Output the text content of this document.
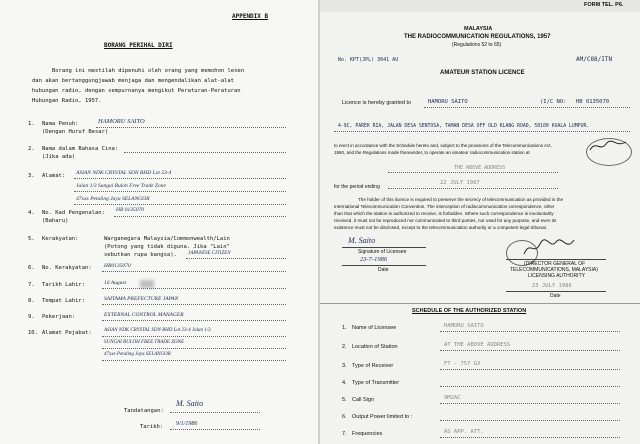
APPENDIX B
BORANG PERIHAL DIRI
Borang ini mestilah dipenuhi oleh orang yang memohon lesen
dan akan bertanggungjawab menjaga dan mengendalikan alat-alat
hubungan radio, dengan sempurnanya mengikut Peraturan-Peraturan
Hubungan Radio, 1957.
1. Nama Penuh:
(Dengan Huruf Besar)
HAMORU SAITO
2. Nama dalam Bahasa Cina:
(Jika ada)
3. Alamat: ASIAN NDK CRYSTAL SDN BHD Lot 23-4
Jalan 1/3 Sungai Buloh Free Trade Zone
47xxx Petaling Jaya SELANGOR
4. No. Kad Pengenalan:
(Baharu)
HB 0135070
5. Kerakyatan:	Warganegara Malaysia/Commonwealth/Lain
(Potong yang tidak diguna. Jika "Lain"
sebutkan rupa bangsa). JAPANESE CITIZEN
6. No. Kerakyatan: HB0135070
7. Tarikh Lahir:	16 August
8. Tempat Lahir:	SAITAMA PREFECTURE JAPAN
9. Pekerjaan:	EXTERNAL CONTROL MANAGER
10. Alamat Pejabat: ASIAN NDK CRYSTAL SDN BHD Lot 23-4 Jalan 1/3
SUNGAI BULOH FREE TRADE ZONE
47xxx Petaling Jaya SELANGOR
Tandatangan:
M. Saito
Tarikh: 9/1/1986
FORM TEL. P6.
MALAYSIA
THE RADIOCOMMUNICATION REGULATIONS, 1957
(Regulations 52 to 65)
No. KPT(JPL) 3041 AU	AM/C88/ITN
AMATEUR STATION LICENCE
Licence is hereby granted to	HAMORU SAITO	(I/C NO: HB 0135070
4-9C, PAREK RIA, JALAN DESA SENTOSA, TAMAN DESA OFF OLD KLANG ROAD, 58100 KUALA LUMPUR.
to erect in accordance with the Schedule hereto and, subject to the provisions of the Telecommunications Act,
1950, and the Regulations made thereunder, to operate an amateur radiocommunication station at
THE ABOVE ADDRESS
for the period ending
22 JULY 1987
The holder of this licence is required to preserve the secrecy of telecommunication as provided in the
International Telecommunication Convention. The interception of radiocommunication correspondence, other
than that which the station is authorized to receive, is forbidden. Where such correspondence is involuntarily
received, it must not be reproduced nor communicated to third parties, nor used for any purpose, and even its
existence must not be disclosed, except to the telecommunication authority or a competent legal tribunal.
M. Saito
Signature of Licensee
23-7-1986
Date
(DIRECTOR GENERAL OF
TELECOMMUNICATIONS, MALAYSIA)
LICENSING AUTHORITY
23 JULY 1986
Date
SCHEDULE OF THE AUTHORIZED STATION
1. Name of Licensee	HAMORU SAITO
2. Location of Station	AT THE ABOVE ADDRESS
3. Type of Receiver	FT - 757 GX
4. Type of Transmitter
5. Call Sign	9M2AC
6. Output Power limited to :
7. Frequencies	AS APP. ATT.
